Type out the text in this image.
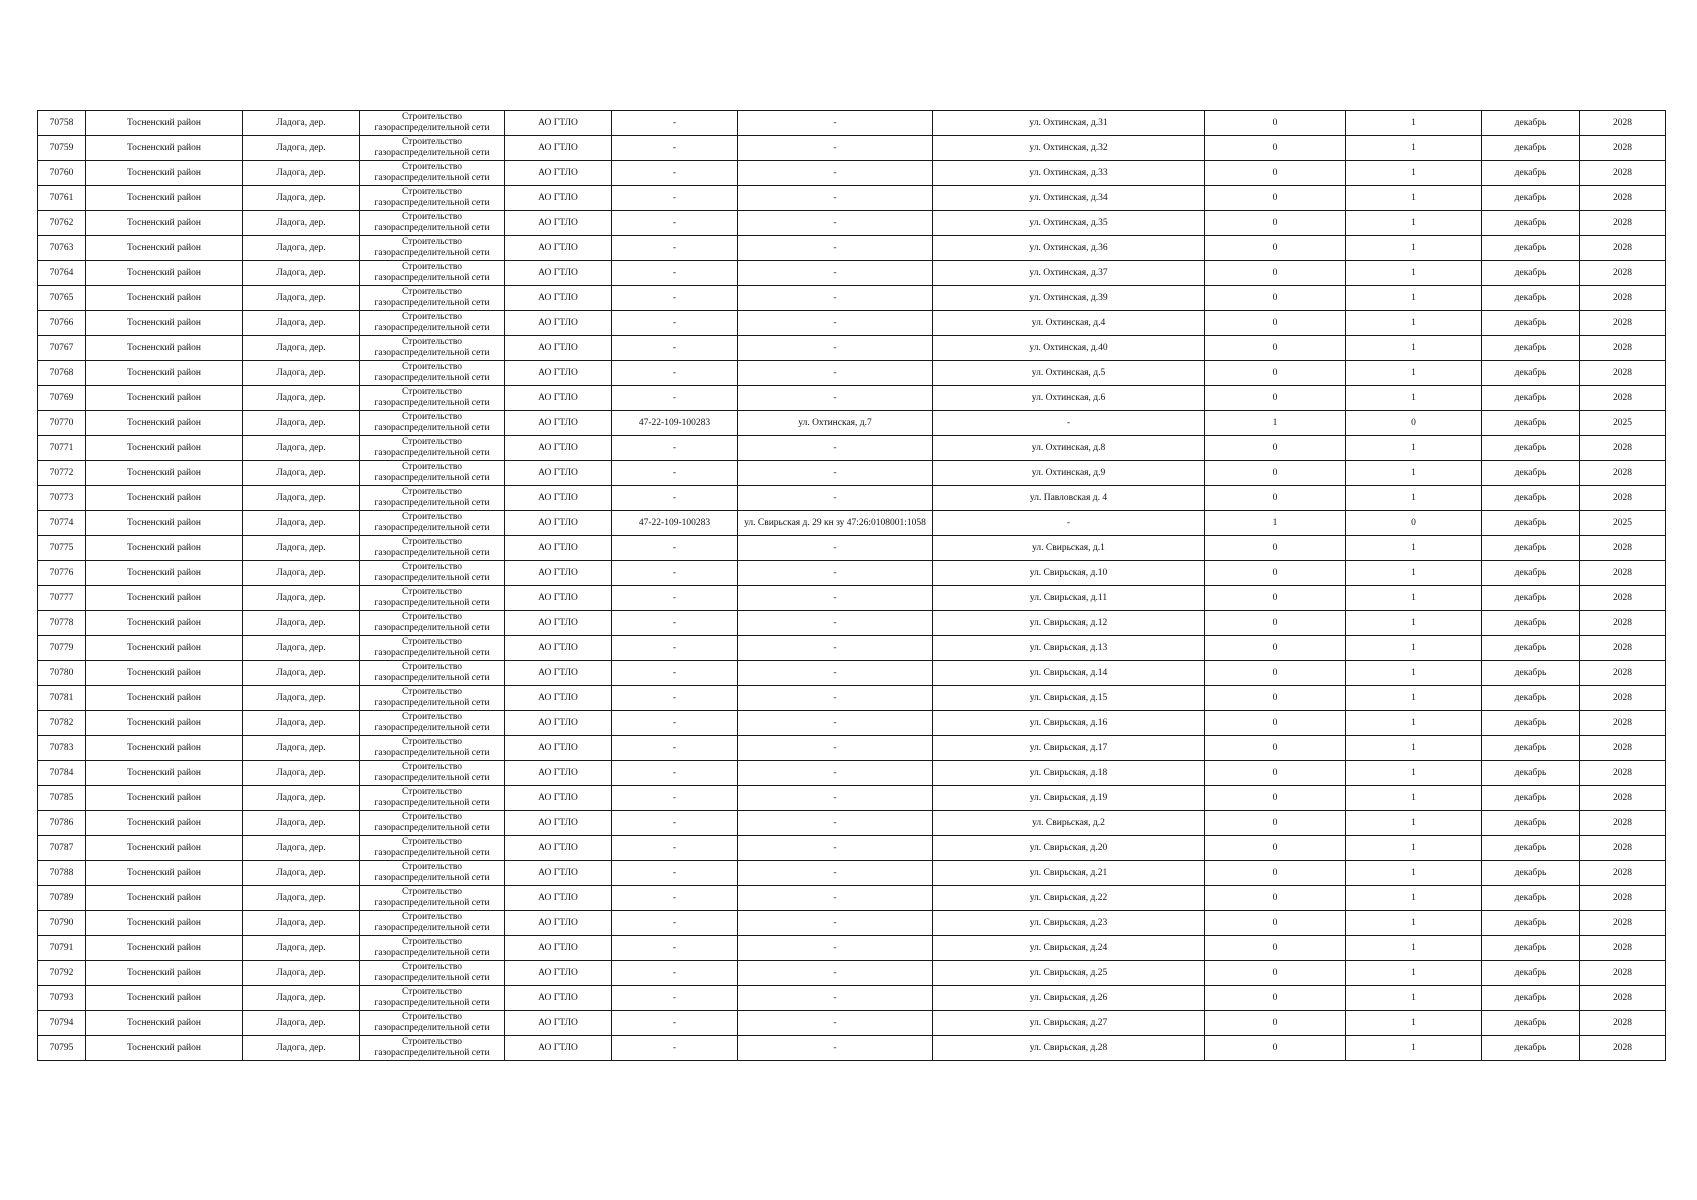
70758	Тосненский район	Ладога, дер.	Строительство газораспределительной сети	АО ГТЛО	-	-	ул. Охтинская, д.31	0	1	декабрь	2028
70759	Тосненский район	Ладога, дер.	Строительство газораспределительной сети	АО ГТЛО	-	-	ул. Охтинская, д.32	0	1	декабрь	2028
70760	Тосненский район	Ладога, дер.	Строительство газораспределительной сети	АО ГТЛО	-	-	ул. Охтинская, д.33	0	1	декабрь	2028
70761	Тосненский район	Ладога, дер.	Строительство газораспределительной сети	АО ГТЛО	-	-	ул. Охтинская, д.34	0	1	декабрь	2028
70762	Тосненский район	Ладога, дер.	Строительство газораспределительной сети	АО ГТЛО	-	-	ул. Охтинская, д.35	0	1	декабрь	2028
70763	Тосненский район	Ладога, дер.	Строительство газораспределительной сети	АО ГТЛО	-	-	ул. Охтинская, д.36	0	1	декабрь	2028
70764	Тосненский район	Ладога, дер.	Строительство газораспределительной сети	АО ГТЛО	-	-	ул. Охтинская, д.37	0	1	декабрь	2028
70765	Тосненский район	Ладога, дер.	Строительство газораспределительной сети	АО ГТЛО	-	-	ул. Охтинская, д.39	0	1	декабрь	2028
70766	Тосненский район	Ладога, дер.	Строительство газораспределительной сети	АО ГТЛО	-	-	ул. Охтинская, д.4	0	1	декабрь	2028
70767	Тосненский район	Ладога, дер.	Строительство газораспределительной сети	АО ГТЛО	-	-	ул. Охтинская, д.40	0	1	декабрь	2028
70768	Тосненский район	Ладога, дер.	Строительство газораспределительной сети	АО ГТЛО	-	-	ул. Охтинская, д.5	0	1	декабрь	2028
70769	Тосненский район	Ладога, дер.	Строительство газораспределительной сети	АО ГТЛО	-	-	ул. Охтинская, д.6	0	1	декабрь	2028
70770	Тосненский район	Ладога, дер.	Строительство газораспределительной сети	АО ГТЛО	47-22-109-100283	ул. Охтинская, д.7	-	1	0	декабрь	2025
70771	Тосненский район	Ладога, дер.	Строительство газораспределительной сети	АО ГТЛО	-	-	ул. Охтинская, д.8	0	1	декабрь	2028
70772	Тосненский район	Ладога, дер.	Строительство газораспределительной сети	АО ГТЛО	-	-	ул. Охтинская, д.9	0	1	декабрь	2028
70773	Тосненский район	Ладога, дер.	Строительство газораспределительной сети	АО ГТЛО	-	-	ул. Павловская д. 4	0	1	декабрь	2028
70774	Тосненский район	Ладога, дер.	Строительство газораспределительной сети	АО ГТЛО	47-22-109-100283	ул. Свирьская д. 29 кн зу 47:26:0108001:1058	-	1	0	декабрь	2025
70775	Тосненский район	Ладога, дер.	Строительство газораспределительной сети	АО ГТЛО	-	-	ул. Свирьская, д.1	0	1	декабрь	2028
70776	Тосненский район	Ладога, дер.	Строительство газораспределительной сети	АО ГТЛО	-	-	ул. Свирьская, д.10	0	1	декабрь	2028
70777	Тосненский район	Ладога, дер.	Строительство газораспределительной сети	АО ГТЛО	-	-	ул. Свирьская, д.11	0	1	декабрь	2028
70778	Тосненский район	Ладога, дер.	Строительство газораспределительной сети	АО ГТЛО	-	-	ул. Свирьская, д.12	0	1	декабрь	2028
70779	Тосненский район	Ладога, дер.	Строительство газораспределительной сети	АО ГТЛО	-	-	ул. Свирьская, д.13	0	1	декабрь	2028
70780	Тосненский район	Ладога, дер.	Строительство газораспределительной сети	АО ГТЛО	-	-	ул. Свирьская, д.14	0	1	декабрь	2028
70781	Тосненский район	Ладога, дер.	Строительство газораспределительной сети	АО ГТЛО	-	-	ул. Свирьская, д.15	0	1	декабрь	2028
70782	Тосненский район	Ладога, дер.	Строительство газораспределительной сети	АО ГТЛО	-	-	ул. Свирьская, д.16	0	1	декабрь	2028
70783	Тосненский район	Ладога, дер.	Строительство газораспределительной сети	АО ГТЛО	-	-	ул. Свирьская, д.17	0	1	декабрь	2028
70784	Тосненский район	Ладога, дер.	Строительство газораспределительной сети	АО ГТЛО	-	-	ул. Свирьская, д.18	0	1	декабрь	2028
70785	Тосненский район	Ладога, дер.	Строительство газораспределительной сети	АО ГТЛО	-	-	ул. Свирьская, д.19	0	1	декабрь	2028
70786	Тосненский район	Ладога, дер.	Строительство газораспределительной сети	АО ГТЛО	-	-	ул. Свирьская, д.2	0	1	декабрь	2028
70787	Тосненский район	Ладога, дер.	Строительство газораспределительной сети	АО ГТЛО	-	-	ул. Свирьская, д.20	0	1	декабрь	2028
70788	Тосненский район	Ладога, дер.	Строительство газораспределительной сети	АО ГТЛО	-	-	ул. Свирьская, д.21	0	1	декабрь	2028
70789	Тосненский район	Ладога, дер.	Строительство газораспределительной сети	АО ГТЛО	-	-	ул. Свирьская, д.22	0	1	декабрь	2028
70790	Тосненский район	Ладога, дер.	Строительство газораспределительной сети	АО ГТЛО	-	-	ул. Свирьская, д.23	0	1	декабрь	2028
70791	Тосненский район	Ладога, дер.	Строительство газораспределительной сети	АО ГТЛО	-	-	ул. Свирьская, д.24	0	1	декабрь	2028
70792	Тосненский район	Ладога, дер.	Строительство газораспределительной сети	АО ГТЛО	-	-	ул. Свирьская, д.25	0	1	декабрь	2028
70793	Тосненский район	Ладога, дер.	Строительство газораспределительной сети	АО ГТЛО	-	-	ул. Свирьская, д.26	0	1	декабрь	2028
70794	Тосненский район	Ладога, дер.	Строительство газораспределительной сети	АО ГТЛО	-	-	ул. Свирьская, д.27	0	1	декабрь	2028
70795	Тосненский район	Ладога, дер.	Строительство газораспределительной сети	АО ГТЛО	-	-	ул. Свирьская, д.28	0	1	декабрь	2028
